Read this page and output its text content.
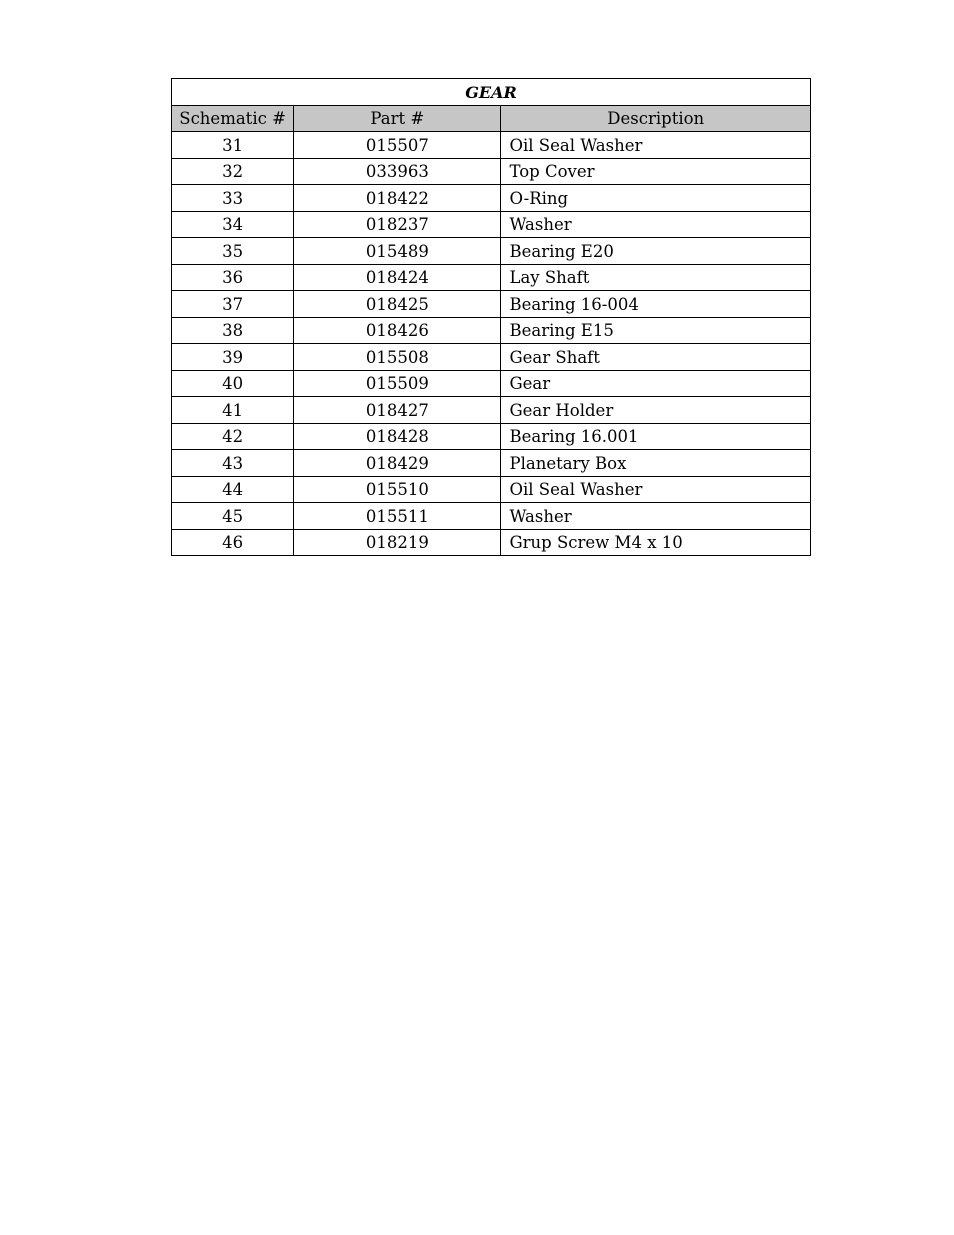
GEAR		
Schematic #	Part #	Description
31	015507	Oil Seal Washer
32	033963	Top Cover
33	018422	O-Ring
34	018237	Washer
35	015489	Bearing E20
36	018424	Lay Shaft
37	018425	Bearing 16-004
38	018426	Bearing E15
39	015508	Gear Shaft
40	015509	Gear
41	018427	Gear Holder
42	018428	Bearing 16.001
43	018429	Planetary Box
44	015510	Oil Seal Washer
45	015511	Washer
46	018219	Grup Screw M4 x 10
